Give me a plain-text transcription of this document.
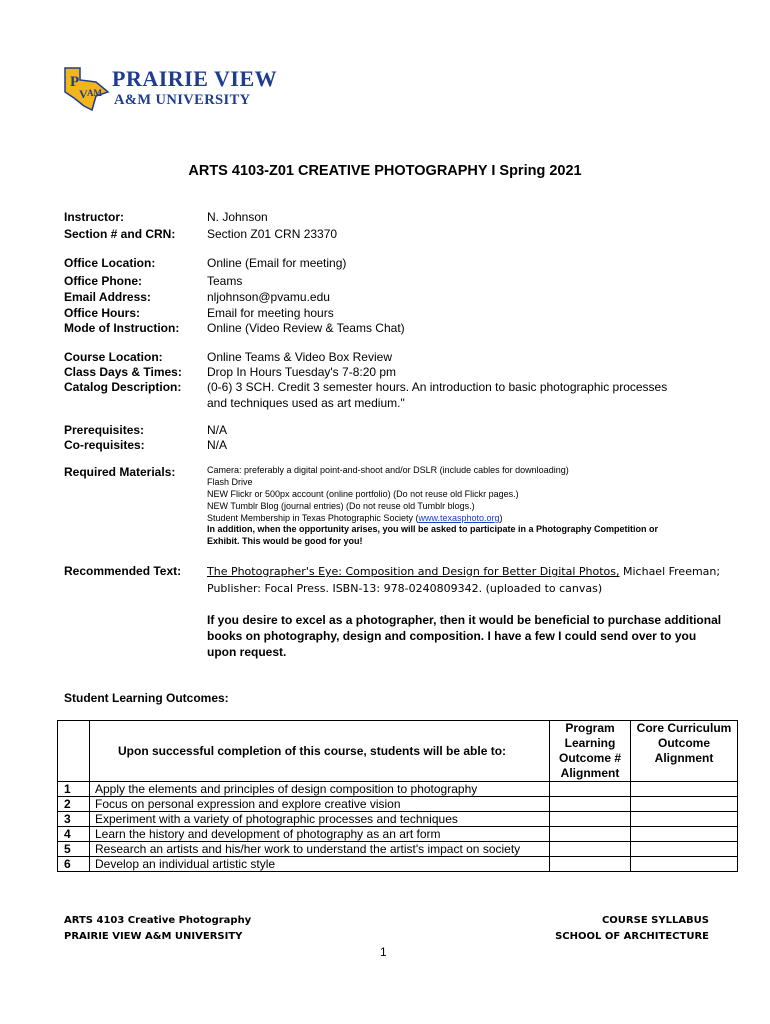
P
V AM
PRAIRIE VIEW
A&M UNIVERSITY
ARTS 4103-Z01 CREATIVE PHOTOGRAPHY I Spring 2021
Instructor:	N. Johnson
Section # and CRN:	Section Z01 CRN 23370
Office Location:	Online (Email for meeting)
Office Phone:	Teams
Email Address:	nljohnson@pvamu.edu
Office Hours:	Email for meeting hours
Mode of Instruction: Online (Video Review & Teams Chat)
Course Location:	Online Teams & Video Box Review
Class Days & Times: Drop In Hours Tuesday's 7-8:20 pm
Catalog Description: (0-6) 3 SCH. Credit 3 semester hours. An introduction to basic photographic processes
and techniques used as art medium."
Prerequisites:	N/A
Co-requisites:	N/A
Required Materials:	Camera: preferably a digital point-and-shoot and/or DSLR (include cables for downloading)
Flash Drive
NEW Flickr or 500px account (online portfolio) (Do not reuse old Flickr pages.)
NEW Tumblr Blog (journal entries) (Do not reuse old Tumblr blogs.)
Student Membership in Texas Photographic Society (www.texasphoto.org)
In addition, when the opportunity arises, you will be asked to participate in a Photography Competition or
Exhibit. This would be good for you!
Recommended Text: The Photographer's Eye: Composition and Design for Better Digital Photos, Michael Freeman;
Publisher: Focal Press. ISBN-13: 978-0240809342. (uploaded to canvas)
If you desire to excel as a photographer, then it would be beneficial to purchase additional books on photography, design and composition. I have a few I could send over to you upon request.
Student Learning Outcomes:
	Upon successful completion of this course, students will be able to:	Program Learning Outcome # Alignment	Core Curriculum Outcome Alignment
1	Apply the elements and principles of design composition to photography		
2	Focus on personal expression and explore creative vision		
3	Experiment with a variety of photographic processes and techniques		
4	Learn the history and development of photography as an art form		
5	Research an artists and his/her work to understand the artist's impact on society		
6	Develop an individual artistic style		
ARTS 4103 Creative Photography
PRAIRIE VIEW A&M UNIVERSITY
COURSE SYLLABUS
SCHOOL OF ARCHITECTURE
1
